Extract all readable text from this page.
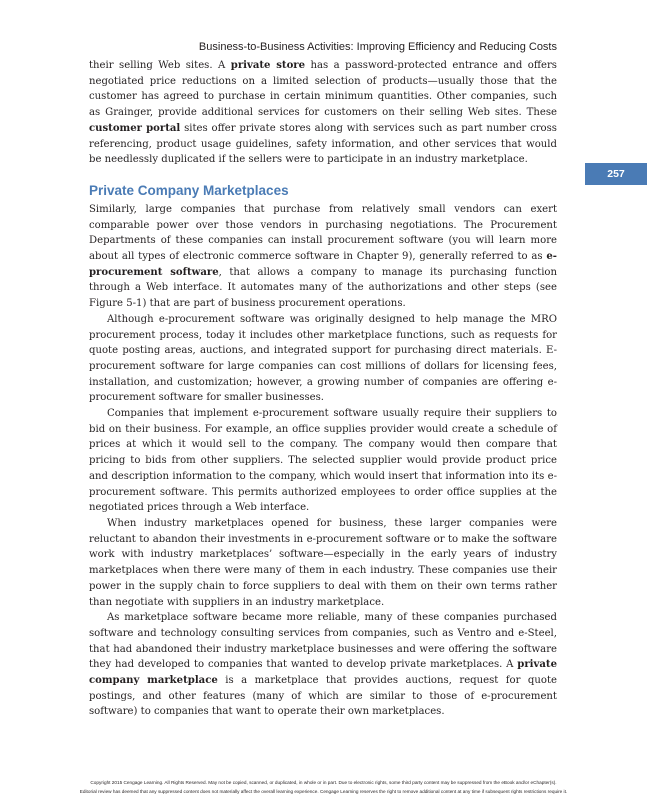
Business-to-Business Activities: Improving Efficiency and Reducing Costs
257

their selling Web sites. A private store has a password-protected entrance and offers negotiated price reductions on a limited selection of products—usually those that the customer has agreed to purchase in certain minimum quantities. Other companies, such as Grainger, provide additional services for customers on their selling Web sites. These customer portal sites offer private stores along with services such as part number cross referencing, product usage guidelines, safety information, and other services that would be needlessly duplicated if the sellers were to participate in an industry marketplace.

Private Company Marketplaces

Similarly, large companies that purchase from relatively small vendors can exert comparable power over those vendors in purchasing negotiations. The Procurement Departments of these companies can install procurement software (you will learn more about all types of electronic commerce software in Chapter 9), generally referred to as e-procurement software, that allows a company to manage its purchasing function through a Web interface. It automates many of the authorizations and other steps (see Figure 5-1) that are part of business procurement operations.

Although e-procurement software was originally designed to help manage the MRO procurement process, today it includes other marketplace functions, such as requests for quote posting areas, auctions, and integrated support for purchasing direct materials. E-procurement software for large companies can cost millions of dollars for licensing fees, installation, and customization; however, a growing number of companies are offering e-procurement software for smaller businesses.

Companies that implement e-procurement software usually require their suppliers to bid on their business. For example, an office supplies provider would create a schedule of prices at which it would sell to the company. The company would then compare that pricing to bids from other suppliers. The selected supplier would provide product price and description information to the company, which would insert that information into its e-procurement software. This permits authorized employees to order office supplies at the negotiated prices through a Web interface.

When industry marketplaces opened for business, these larger companies were reluctant to abandon their investments in e-procurement software or to make the software work with industry marketplaces’ software—especially in the early years of industry marketplaces when there were many of them in each industry. These companies use their power in the supply chain to force suppliers to deal with them on their own terms rather than negotiate with suppliers in an industry marketplace.

As marketplace software became more reliable, many of these companies purchased software and technology consulting services from companies, such as Ventro and e-Steel, that had abandoned their industry marketplace businesses and were offering the software they had developed to companies that wanted to develop private marketplaces. A private company marketplace is a marketplace that provides auctions, request for quote postings, and other features (many of which are similar to those of e-procurement software) to companies that want to operate their own marketplaces.

Copyright 2015 Cengage Learning. All Rights Reserved. May not be copied, scanned, or duplicated, in whole or in part. Due to electronic rights, some third party content may be suppressed from the eBook and/or eChapter(s).
Editorial review has deemed that any suppressed content does not materially affect the overall learning experience. Cengage Learning reserves the right to remove additional content at any time if subsequent rights restrictions require it.
